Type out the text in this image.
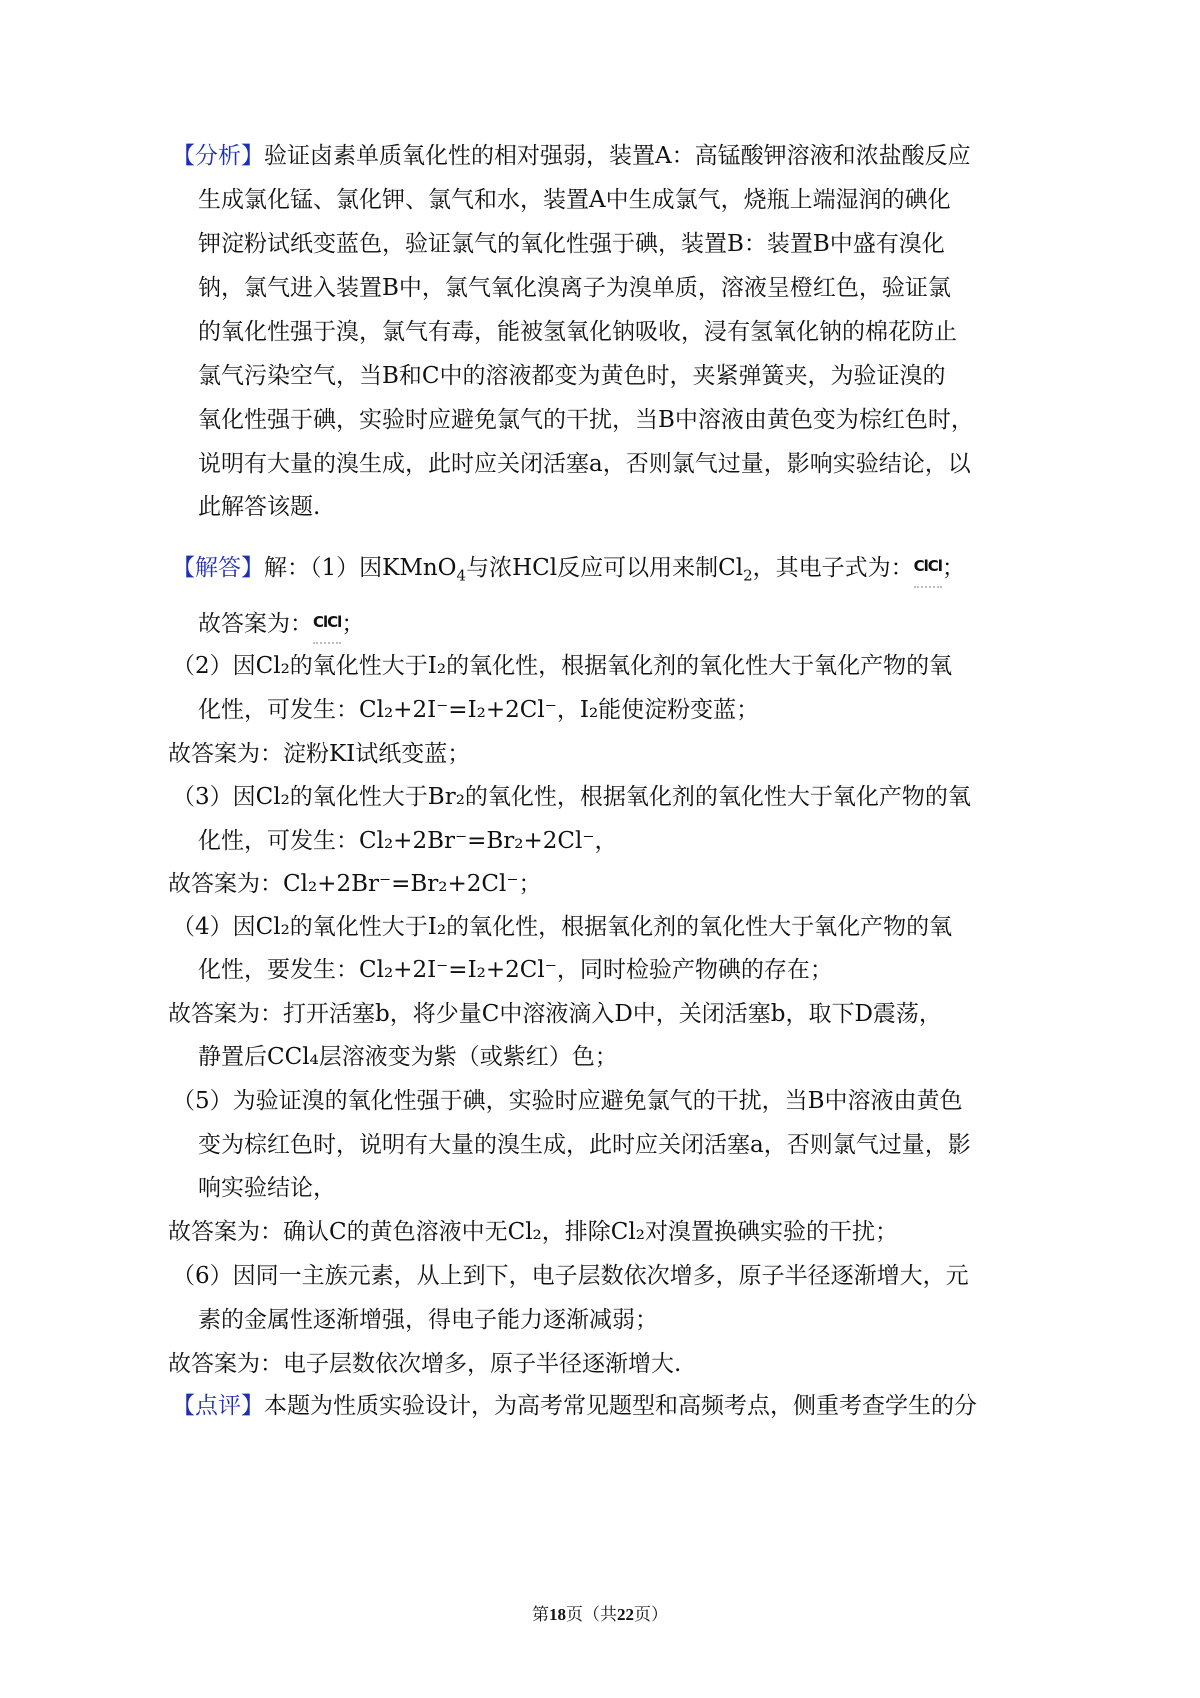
【分析】验证卤素单质氧化性的相对强弱，装置A：高锰酸钾溶液和浓盐酸反应
生成氯化锰、氯化钾、氯气和水，装置A中生成氯气，烧瓶上端湿润的碘化
钾淀粉试纸变蓝色，验证氯气的氧化性强于碘，装置B：装置B中盛有溴化
钠，氯气进入装置B中，氯气氧化溴离子为溴单质，溶液呈橙红色，验证氯
的氧化性强于溴，氯气有毒，能被氢氧化钠吸收，浸有氢氧化钠的棉花防止
氯气污染空气，当B和C中的溶液都变为黄色时，夹紧弹簧夹，为验证溴的
氧化性强于碘，实验时应避免氯气的干扰，当B中溶液由黄色变为棕红色时，
说明有大量的溴生成，此时应关闭活塞a，否则氯气过量，影响实验结论，以
此解答该题.
【解答】解：（1）因KMnO$_4$与浓HCl反应可以用来制$Cl_2$，其电子式为：ClCl
；
故答案为：ClCl
；
（2）因Cl₂的氧化性大于I₂的氧化性，根据氧化剂的氧化性大于氧化产物的氧
化性，可发生：Cl₂+2I⁻=I₂+2Cl⁻，I₂能使淀粉变蓝；
故答案为：淀粉KI试纸变蓝；
（3）因Cl₂的氧化性大于Br₂的氧化性，根据氧化剂的氧化性大于氧化产物的氧
化性，可发生：Cl₂+2Br⁻=Br₂+2Cl⁻，
故答案为：Cl₂+2Br⁻=Br₂+2Cl⁻；
（4）因Cl₂的氧化性大于I₂的氧化性，根据氧化剂的氧化性大于氧化产物的氧
化性，要发生：Cl₂+2I⁻=I₂+2Cl⁻，同时检验产物碘的存在；
故答案为：打开活塞b，将少量C中溶液滴入D中，关闭活塞b，取下D震荡，
静置后CCl₄层溶液变为紫（或紫红）色；
（5）为验证溴的氧化性强于碘，实验时应避免氯气的干扰，当B中溶液由黄色
变为棕红色时，说明有大量的溴生成，此时应关闭活塞a，否则氯气过量，影
响实验结论，
故答案为：确认C的黄色溶液中无Cl₂，排除Cl₂对溴置换碘实验的干扰；
（6）因同一主族元素，从上到下，电子层数依次增多，原子半径逐渐增大，元
素的金属性逐渐增强，得电子能力逐渐减弱；
故答案为：电子层数依次增多，原子半径逐渐增大.
【点评】本题为性质实验设计，为高考常见题型和高频考点，侧重考查学生的分
第18页（共22页）
